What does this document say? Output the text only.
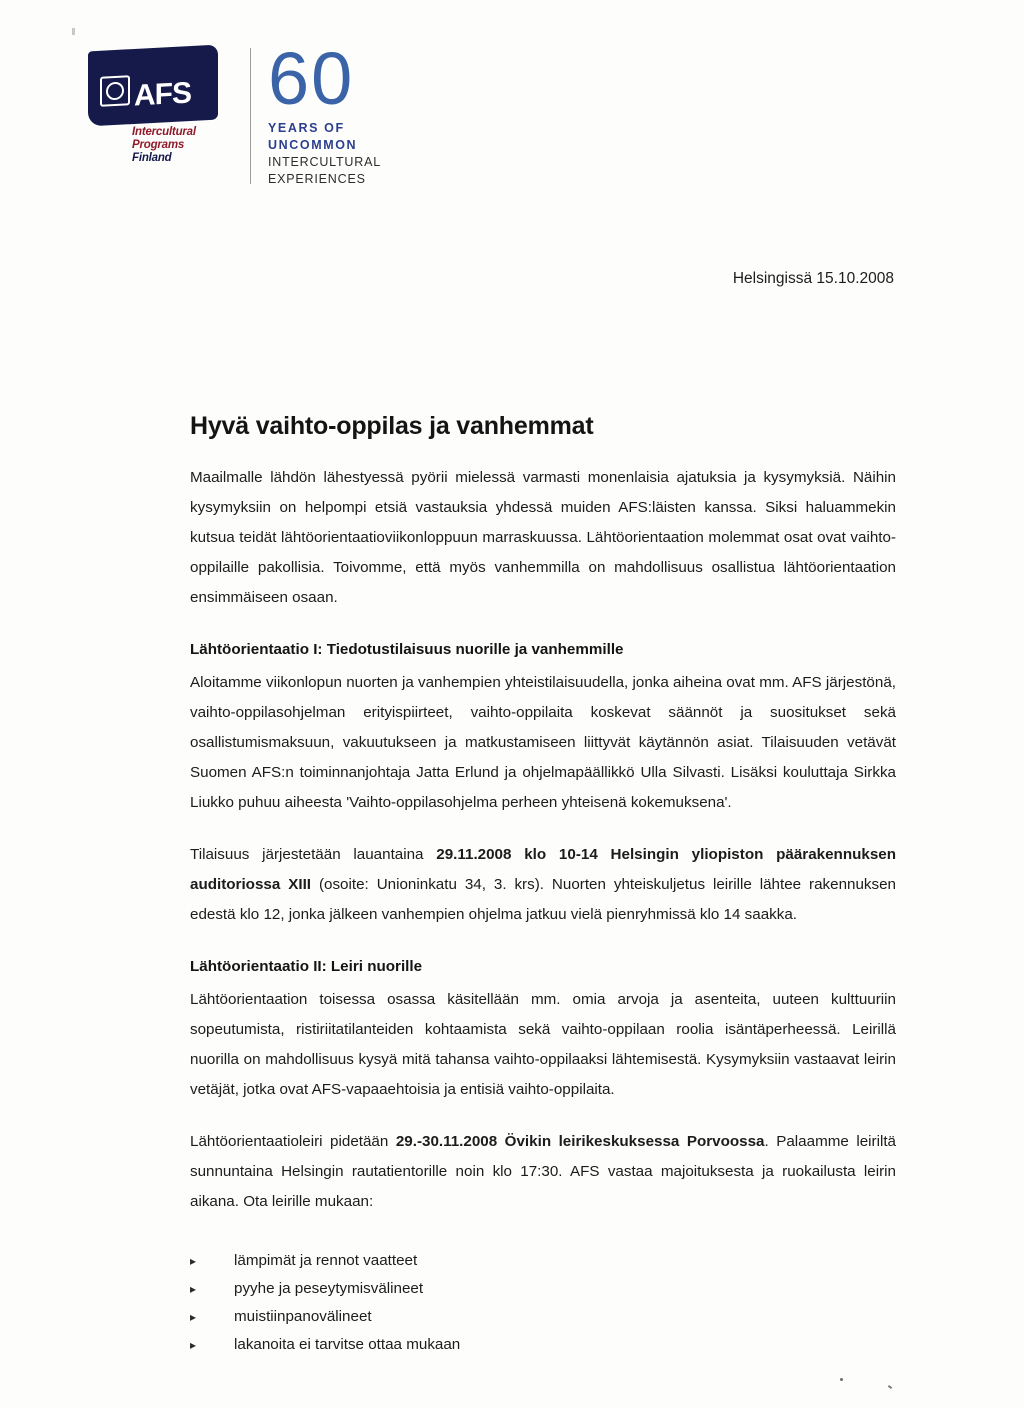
AFS
Intercultural
Programs
Finland
60
YEARS OF
UNCOMMON
INTERCULTURAL
EXPERIENCES
Helsingissä 15.10.2008
Hyvä vaihto-oppilas ja vanhemmat

Maailmalle lähdön lähestyessä pyörii mielessä varmasti monenlaisia ajatuksia ja kysymyksiä. Näihin kysymyksiin on helpompi etsiä vastauksia yhdessä muiden AFS:läisten kanssa. Siksi haluammekin kutsua teidät lähtöorientaatioviikonloppuun marraskuussa. Lähtöorientaation molemmat osat ovat vaihto-oppilaille pakollisia. Toivomme, että myös vanhemmilla on mahdollisuus osallistua lähtöorientaation ensimmäiseen osaan.

Lähtöorientaatio I: Tiedotustilaisuus nuorille ja vanhemmille

Aloitamme viikonlopun nuorten ja vanhempien yhteistilaisuudella, jonka aiheina ovat mm. AFS järjestönä, vaihto-oppilasohjelman erityispiirteet, vaihto-oppilaita koskevat säännöt ja suositukset sekä osallistumismaksuun, vakuutukseen ja matkustamiseen liittyvät käytännön asiat. Tilaisuuden vetävät Suomen AFS:n toiminnanjohtaja Jatta Erlund ja ohjelmapäällikkö Ulla Silvasti. Lisäksi kouluttaja Sirkka Liukko puhuu aiheesta 'Vaihto-oppilasohjelma perheen yhteisenä kokemuksena'.

Tilaisuus järjestetään lauantaina 29.11.2008 klo 10-14 Helsingin yliopiston päärakennuksen auditoriossa XIII (osoite: Unioninkatu 34, 3. krs). Nuorten yhteiskuljetus leirille lähtee rakennuksen edestä klo 12, jonka jälkeen vanhempien ohjelma jatkuu vielä pienryhmissä klo 14 saakka.

Lähtöorientaatio II: Leiri nuorille

Lähtöorientaation toisessa osassa käsitellään mm. omia arvoja ja asenteita, uuteen kulttuuriin sopeutumista, ristiriitatilanteiden kohtaamista sekä vaihto-oppilaan roolia isäntäperheessä. Leirillä nuorilla on mahdollisuus kysyä mitä tahansa vaihto-oppilaaksi lähtemisestä. Kysymyksiin vastaavat leirin vetäjät, jotka ovat AFS-vapaaehtoisia ja entisiä vaihto-oppilaita.

Lähtöorientaatioleiri pidetään 29.-30.11.2008 Övikin leirikeskuksessa Porvoossa. Palaamme leiriltä sunnuntaina Helsingin rautatientorille noin klo 17:30. AFS vastaa majoituksesta ja ruokailusta leirin aikana. Ota leirille mukaan:

▸ lämpimät ja rennot vaatteet
▸ pyyhe ja peseytymisvälineet
▸ muistiinpanovälineet
▸ lakanoita ei tarvitse ottaa mukaan
